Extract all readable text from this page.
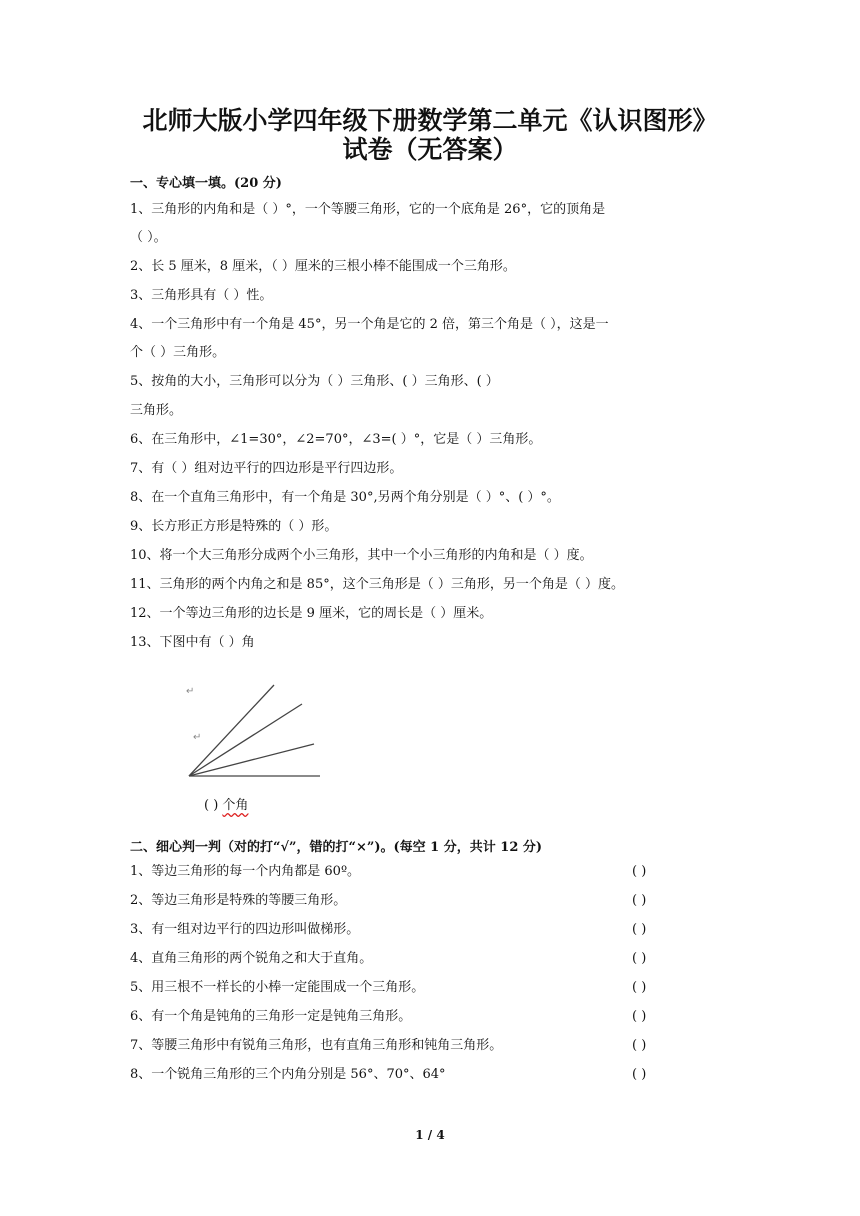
北师大版小学四年级下册数学第二单元《认识图形》
试卷（无答案）
一、专心填一填。(20 分)
1、三角形的内角和是（ ）°，一个等腰三角形，它的一个底角是 26°，它的顶角是
（ ）。
2、长 5 厘米，8 厘米，（ ）厘米的三根小棒不能围成一个三角形。
3、三角形具有（ ）性。
4、一个三角形中有一个角是 45°，另一个角是它的 2 倍，第三个角是（ ），这是一
个（ ）三角形。
5、按角的大小，三角形可以分为（ ）三角形、( ）三角形、( ）
三角形。
6、在三角形中，∠1=30°，∠2=70°，∠3=( ）°，它是（ ）三角形。
7、有（ ）组对边平行的四边形是平行四边形。
8、在一个直角三角形中，有一个角是 30°,另两个角分别是（ ）°、( ）°。
9、长方形正方形是特殊的（ ）形。
10、将一个大三角形分成两个小三角形，其中一个小三角形的内角和是（ ）度。
11、三角形的两个内角之和是 85°，这个三角形是（ ）三角形，另一个角是（ ）度。
12、一个等边三角形的边长是 9 厘米，它的周长是（ ）厘米。
13、下图中有（ ）角
↵
↵
( ) 个角
二、细心判一判（对的打“√”，错的打“×”)。(每空 1 分，共计 12 分)
1、等边三角形的每一个内角都是 60º。	( )
2、等边三角形是特殊的等腰三角形。	( )
3、有一组对边平行的四边形叫做梯形。	( )
4、直角三角形的两个锐角之和大于直角。	( )
5、用三根不一样长的小棒一定能围成一个三角形。	( )
6、有一个角是钝角的三角形一定是钝角三角形。	( )
7、等腰三角形中有锐角三角形，也有直角三角形和钝角三角形。	( )
8、一个锐角三角形的三个内角分别是 56°、70°、64°	( )
1 / 4
